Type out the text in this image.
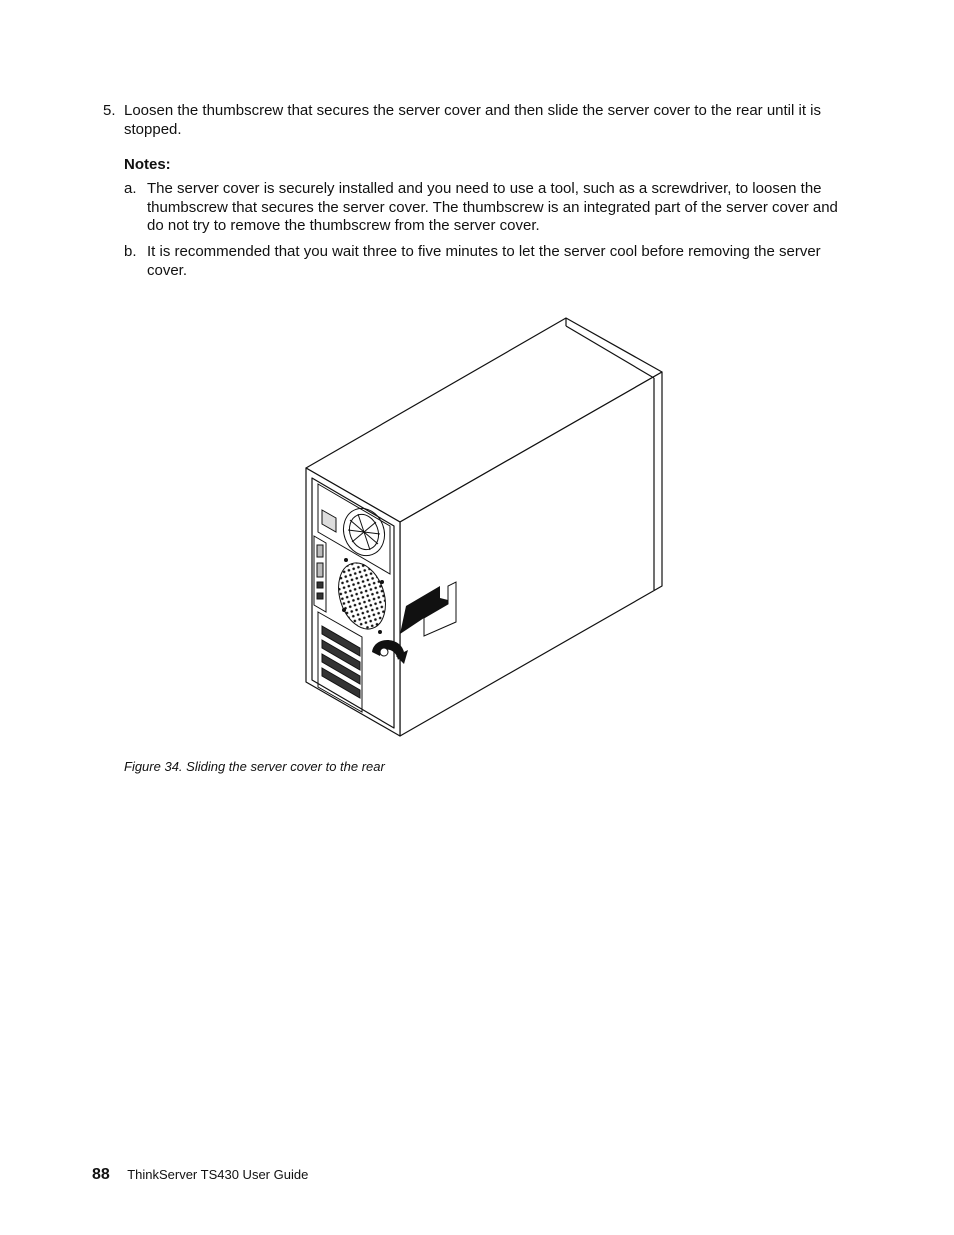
5. Loosen the thumbscrew that secures the server cover and then slide the server cover to the rear until it is stopped.
Notes:
a. The server cover is securely installed and you need to use a tool, such as a screwdriver, to loosen the thumbscrew that secures the server cover. The thumbscrew is an integrated part of the server cover and do not try to remove the thumbscrew from the server cover.
b. It is recommended that you wait three to five minutes to let the server cool before removing the server cover.
Figure 34. Sliding the server cover to the rear
88 ThinkServer TS430 User Guide
